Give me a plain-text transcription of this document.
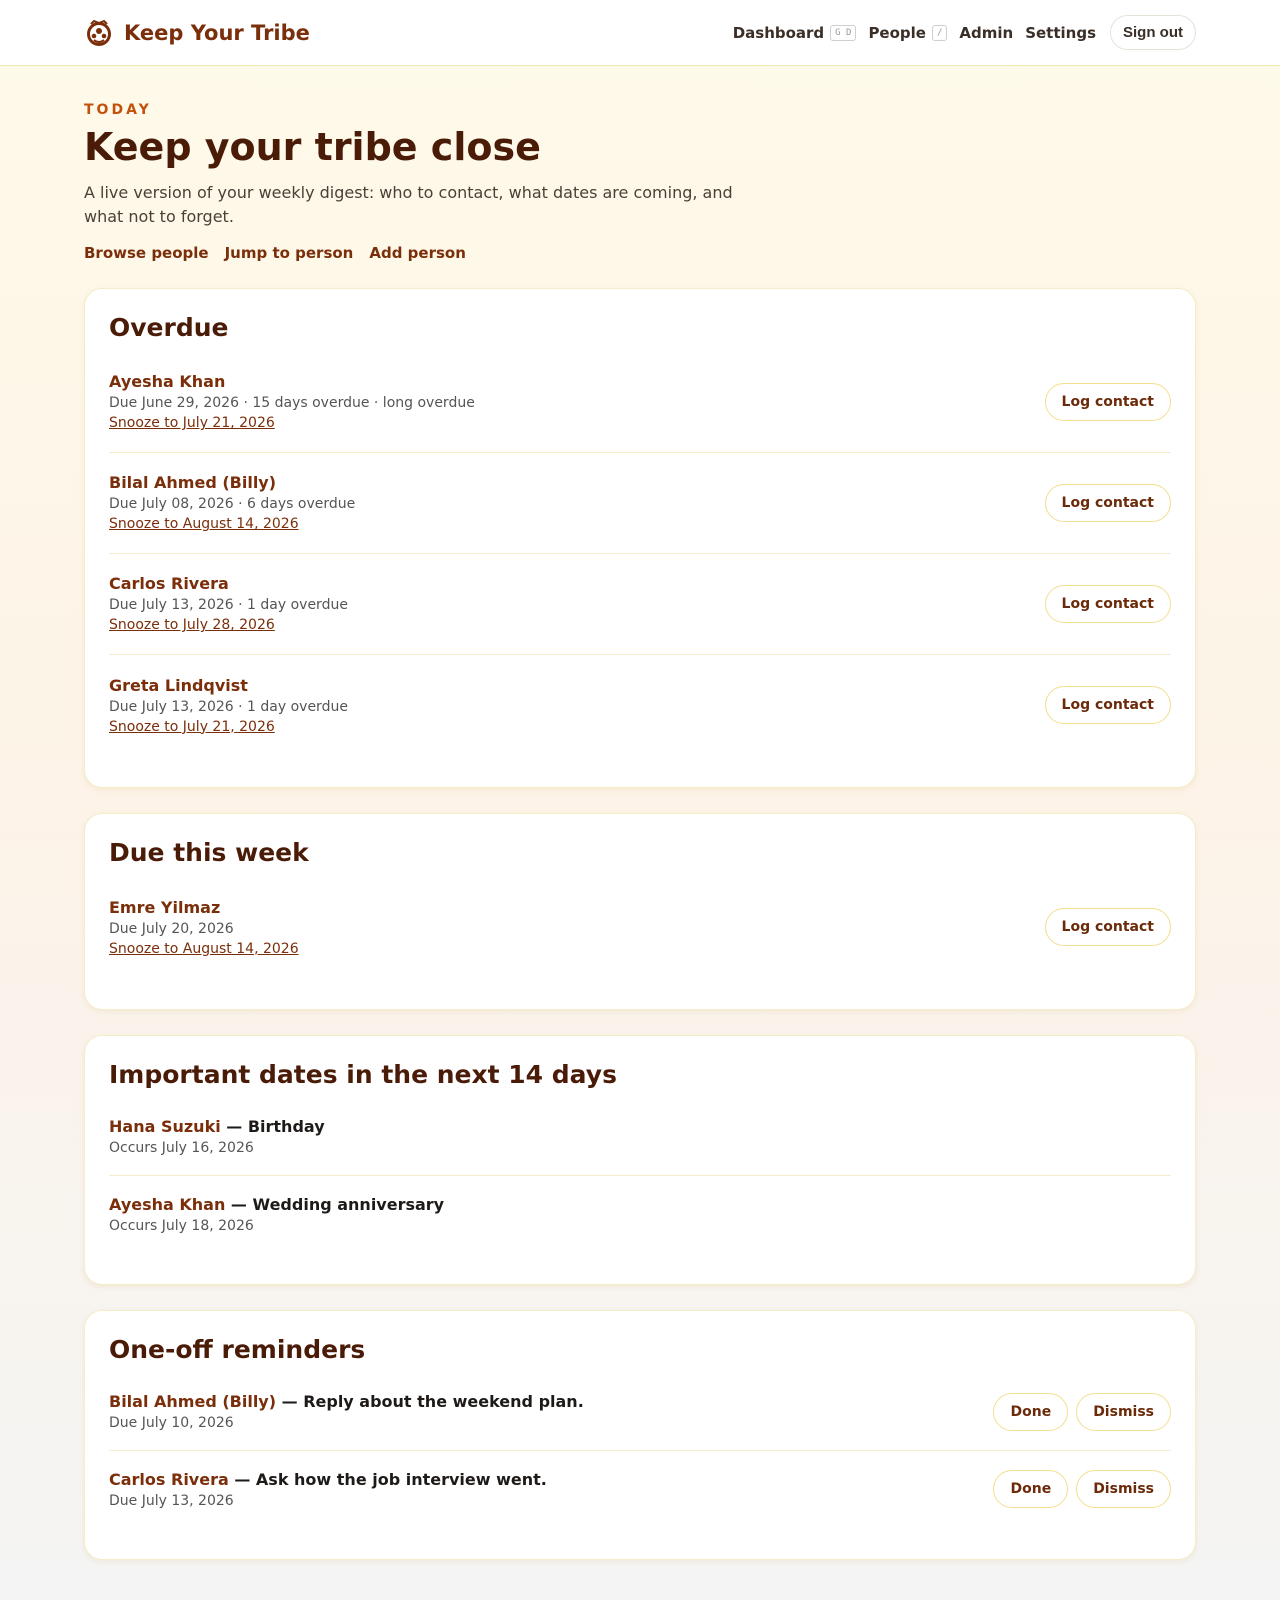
Keep Your Tribe	Dashboard	G D	People	/	Admin Settings	Sign out
TODAY
Keep your tribe close

A live version of your weekly digest: who to contact, what dates are coming, and what not to forget.

Browse people Jump to person Add person
Overdue
Ayesha Khan
Due June 29, 2026 · 15 days overdue · long overdue
Snooze to July 21, 2026
Log contact
Bilal Ahmed (Billy)
Due July 08, 2026 · 6 days overdue
Snooze to August 14, 2026
Log contact
Carlos Rivera
Due July 13, 2026 · 1 day overdue
Snooze to July 28, 2026
Log contact
Greta Lindqvist
Due July 13, 2026 · 1 day overdue
Snooze to July 21, 2026
Log contact
Due this week
Emre Yilmaz
Due July 20, 2026
Snooze to August 14, 2026
Log contact
Important dates in the next 14 days
Hana Suzuki — Birthday
Occurs July 16, 2026
Ayesha Khan — Wedding anniversary
Occurs July 18, 2026
One-off reminders
Bilal Ahmed (Billy) — Reply about the weekend plan.
Due July 10, 2026
Done	Dismiss
Carlos Rivera — Ask how the job interview went.
Due July 13, 2026
Done	Dismiss
